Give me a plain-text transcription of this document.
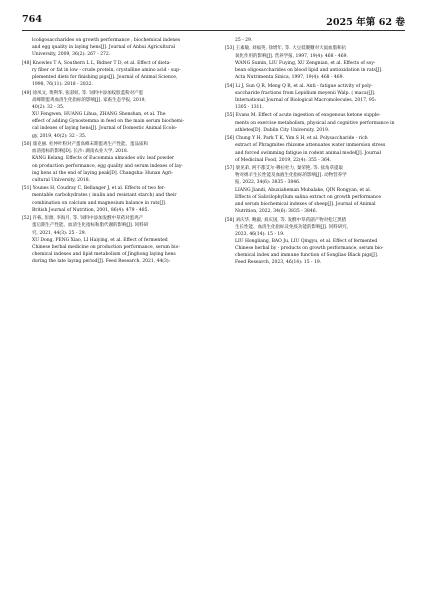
764	2025 年第 62 卷

lcoligosaccharides on growth performance , biochemical indexes
and egg quality in laying hens[J]. Journal of Anhui Agricultural
University, 2009, 36(2): 267 - 272.

[48] Knowles T A, Southern L L, Bidner T D, et al. Effect of dieta-
ry fiber or fat in low - crude protein, crystalline amino acid - sup-
plemented diets for finishing pigs[J]. Journal of Animal Science,
1998, 76(11): 2818 - 2832.

[49] 徐凤文, 黄利华, 张彩虹, 等. 饲料中添加纹股蓝粉对产蛋
高峰期蛋鸡血清生化指标的影响[J]. 家畜生态学报, 2019,
40(2): 32 - 35.
XU Fengwen, HUANG Lihua, ZHANG Shenshan, et al. The
effect of adding Gynostemma in feed on the main serum biochemi-
cal indexes of laying hens[J]. Journal of Domestic Animal Ecolo-
gy, 2019, 40(2): 32 - 35.

[50] 康克丽. 杜仲叶粉对产蛋高峰末期蛋鸡生产性能、蛋品质和
血清指标的影响[D]. 长沙: 湖南农业大学, 2018.
KANG Kelang. Effects of Eucommia ulmoides oliv. leaf powder
on production performance, egg quality and serum indexes of lay-
ing hens at the end of laying peak[D]. Changsha: Hunan Agri-
cultural University, 2018.

[51] Younes H, Coudray C, Bellanger J, et al. Effects of two fer-
mentable carbohydrates ( inulin and resistant starch) and their
combination on calcium and magnesium balance in rats[J].
British Journal of Nutrition, 2001, 86(4): 479 - 485.

[52] 许栋, 彭源, 李海月, 等. 饲料中添加发酵中草药对蛋鸡产
蛋后期生产性能、血清生化指标和脂代谢的影响[J]. 饲料研
究, 2021, 44(3): 25 - 29.
XU Dong, PENG Xiao, LI Haiying, et al. Effect of fermented
Chinese herbal medicine on production performance, serum bio-
chemical indexes and lipid metabolism of Jinghong laying hens
during the late laying period[J]. Feed Research, 2021, 44(3):

25 - 29.

[53] 王素敏, 刘福英, 徐增年, 等. 大豆低聚糖对大鼠血脂和抗
氧化作用的影响[J]. 营养学报, 1997, 19(4): 468 - 469.
WANG Sumin, LIU Fuying, XU Zengnian, et al. Effects of soy-
bean oligosaccharides on blood lipid and antioxidation in rats[J].
Acta Nutrimenta Sinica, 1997, 19(4): 468 - 469.

[54] Li J, Sun Q R, Meng Q R, et al. Anti - fatigue activity of poly-
saccharide fractions from Lepidium meyenii Walp. ( maca)[J].
International Journal of Biological Macromolecules, 2017, 95:
1305 - 1311.

[55] Evans M. Effect of acute ingestion of exogenous ketone supple-
ments on exercise metabolism, physical and cognitive performance in
athletes[D]. Dublin City University, 2019.

[56] Chung Y H, Park T K, Yim S H, et al. Polysaccharide - rich
extract of Phragmites rhizome attenuates water immersion stress
and forced swimming fatigue in rodent animal model[J]. Journal
of Medicinal Food, 2019, 22(4): 355 - 364.

[57] 梁见弟, 阿不都艾尔·穆拉杜力, 秦荣艳, 等. 盐角草提取
物对绵羊生长性能及血液生化指标的影响[J]. 动物营养学
报, 2022, 34(6): 3835 - 3846.
LIANG Jiandi, Abuxiaheman Mubalake, QIN Rongyan, et al.
Effects of Salicilophyllum salina extract on growth performance
and serum biochemical indexes of sheep[J]. Journal of Animal
Nutrition, 2022, 34(6): 3835 - 3846.

[58] 刘庆华, 鲍毅, 刘庆国, 等. 发酵中草药副产物对松辽黑猪
生长性能、血清生化指标及免疫功能的影响[J]. 饲料研究,
2023, 46(14): 15 - 19.
LIU Hongliang, BAO Ju, LIU Qingyu, et al. Effect of fermented
Chinese herbal by - products on growth performance, serum bio-
chemical index and immune function of Songliao Black pigs[J].
Feed Research, 2023, 46(14): 15 - 19.
